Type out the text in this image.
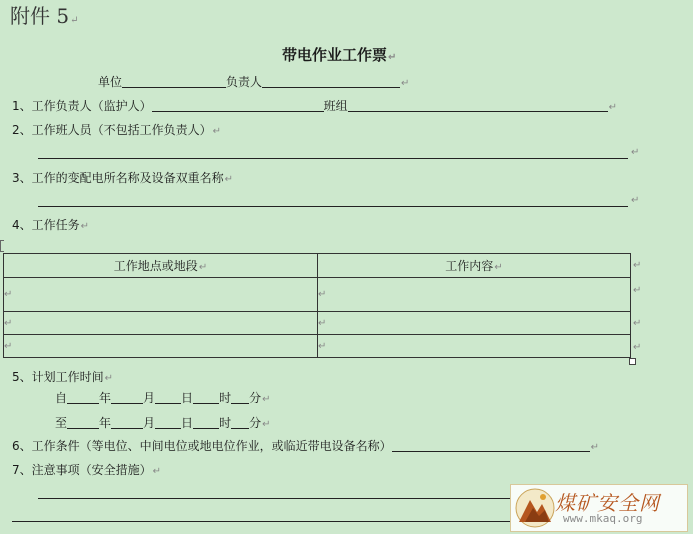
附件 5↵
带电作业工作票↵
单位	负责人	↵
1、工作负责人（监护人）	班组	↵
2、工作班人员（不包括工作负责人）↵
↵
3、工作的变配电所名称及设备双重名称↵
↵
4、工作任务↵
工作地点或地段↵	工作内容↵
↵	↵
↵	↵
↵	↵
↵
↵
↵
↵
5、计划工作时间↵
自	年	月 日 时 分↵
至	年	月 日 时 分↵
6、工作条件（等电位、中间电位或地电位作业，或临近带电设备名称）	↵
7、注意事项（安全措施）↵
煤矿安全网
www.mkaq.org
